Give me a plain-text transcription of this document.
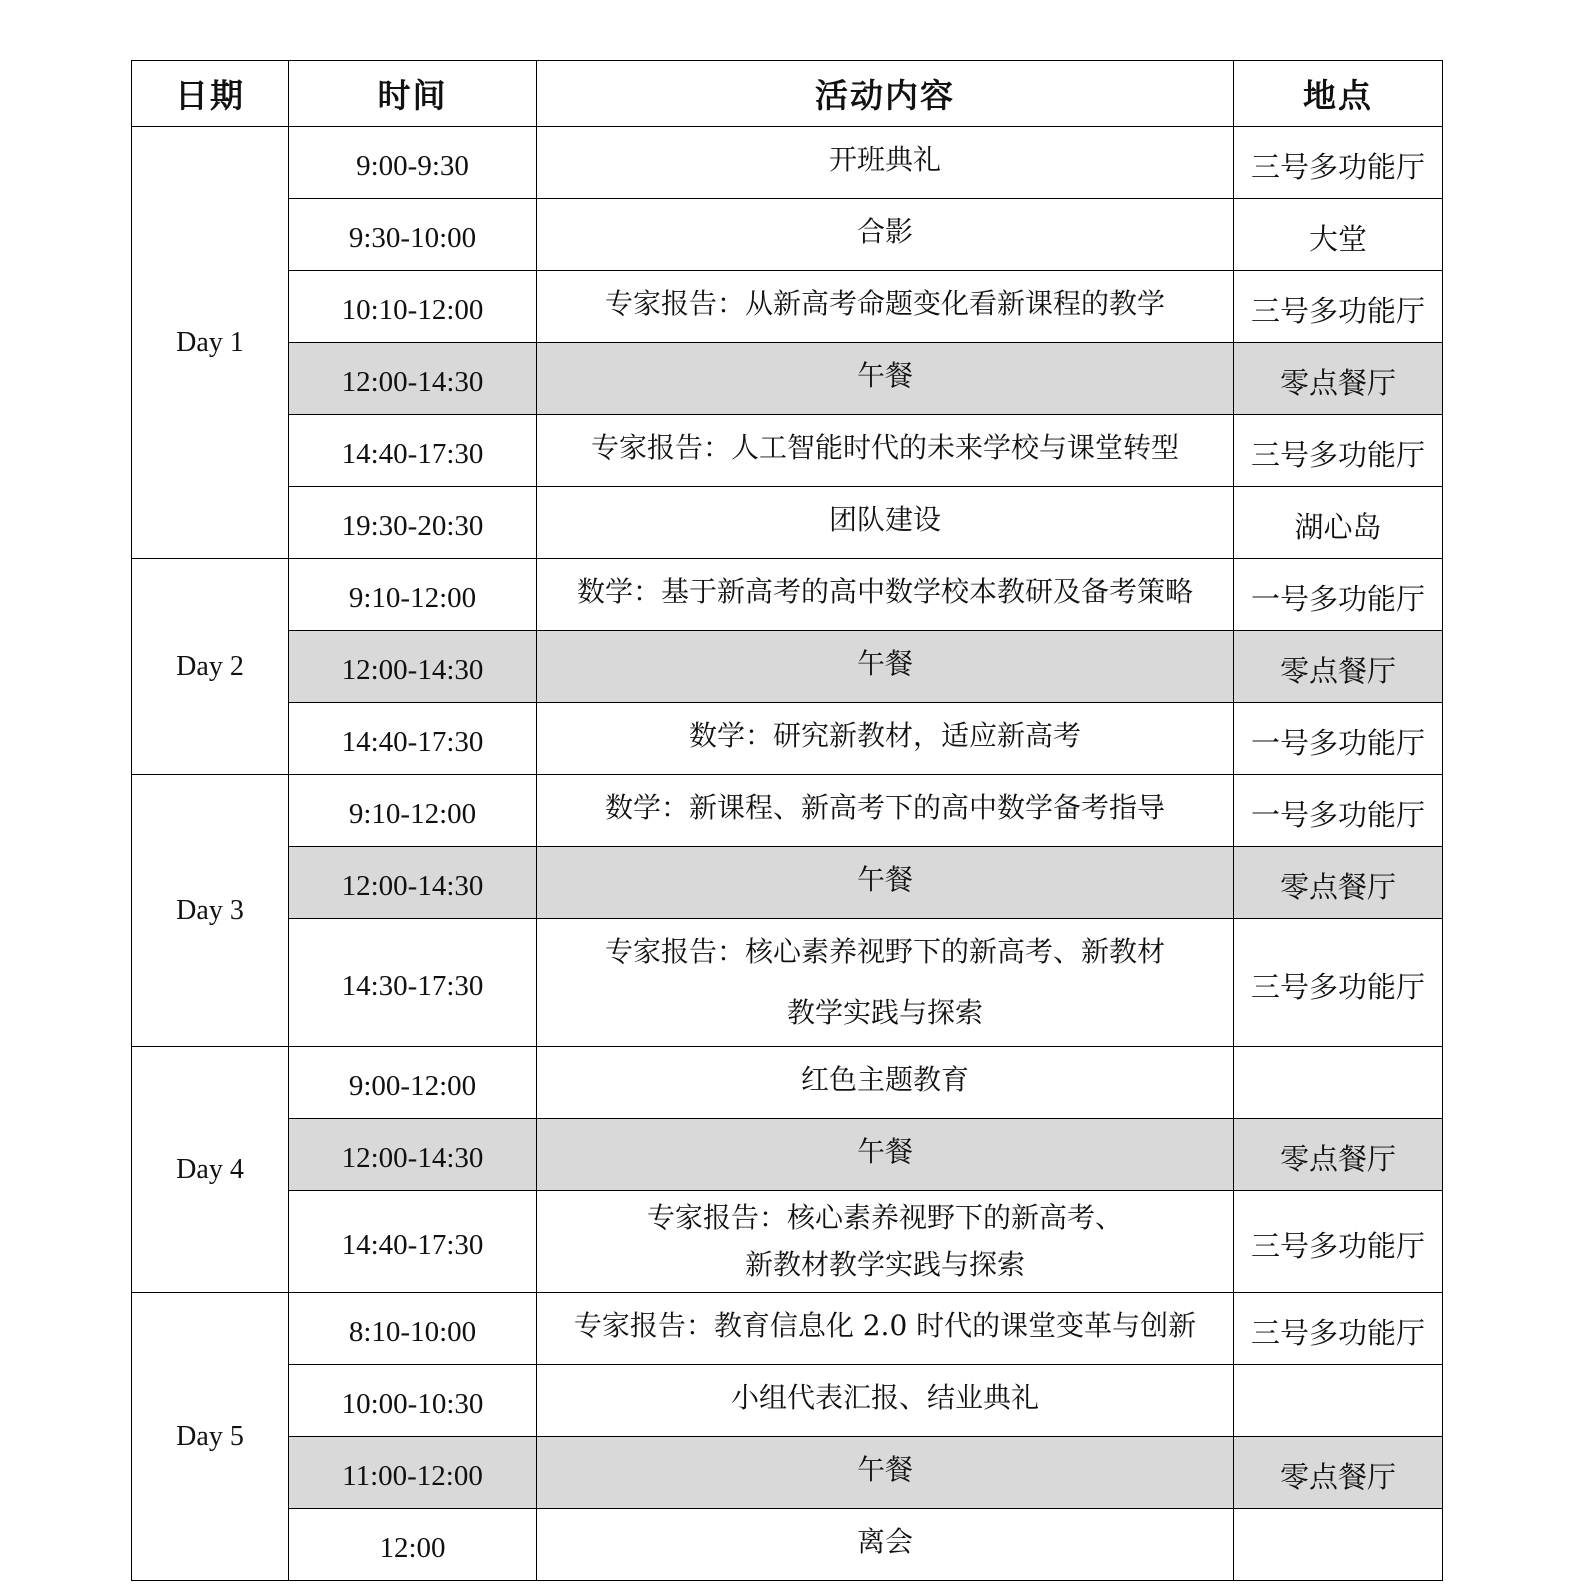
日期	时间	活动内容	地点
Day 1	9:00-9:30	开班典礼	三号多功能厅
	9:30-10:00	合影	大堂
	10:10-12:00	专家报告：从新高考命题变化看新课程的教学	三号多功能厅
	12:00-14:30	午餐	零点餐厅
	14:40-17:30	专家报告：人工智能时代的未来学校与课堂转型	三号多功能厅
	19:30-20:30	团队建设	湖心岛
Day 2	9:10-12:00	数学：基于新高考的高中数学校本教研及备考策略	一号多功能厅
	12:00-14:30	午餐	零点餐厅
	14:40-17:30	数学：研究新教材，适应新高考	一号多功能厅
Day 3	9:10-12:00	数学：新课程、新高考下的高中数学备考指导	一号多功能厅
	12:00-14:30	午餐	零点餐厅
	14:30-17:30	专家报告：核心素养视野下的新高考、新教材
教学实践与探索	三号多功能厅
Day 4	9:00-12:00	红色主题教育	
	12:00-14:30	午餐	零点餐厅
	14:40-17:30	专家报告：核心素养视野下的新高考、
新教材教学实践与探索	三号多功能厅
Day 5	8:10-10:00	专家报告：教育信息化 2.0 时代的课堂变革与创新	三号多功能厅
	10:00-10:30	小组代表汇报、结业典礼	
	11:00-12:00	午餐	零点餐厅
	12:00	离会	
